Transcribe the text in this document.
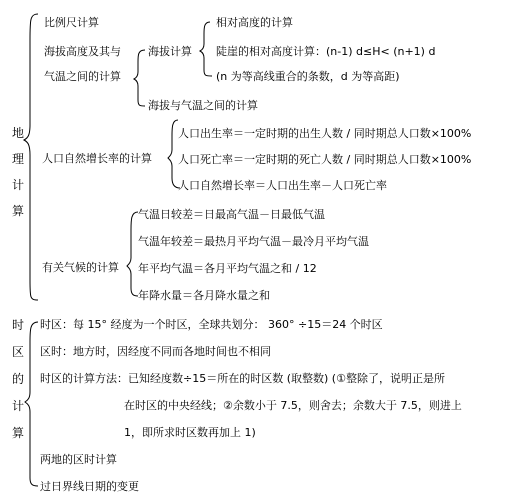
地
理
计
算
比例尺计算
海拔高度及其与
气温之间的计算
海拔计算
相对高度的计算
陡崖的相对高度计算：(n-1) d≤H< (n+1) d
(n 为等高线重合的条数，d 为等高距)
海拔与气温之间的计算
人口自然增长率的计算
人口出生率＝一定时期的出生人数 / 同时期总人口数×100%
人口死亡率＝一定时期的死亡人数 / 同时期总人口数×100%
人口自然增长率＝人口出生率－人口死亡率
有关气候的计算
气温日较差＝日最高气温－日最低气温
气温年较差＝最热月平均气温－最冷月平均气温
年平均气温＝各月平均气温之和 / 12
年降水量＝各月降水量之和
时
区
的
计
算
时区：每 15° 经度为一个时区，全球共划分： 360° ÷15＝24 个时区
区时：地方时，因经度不同而各地时间也不相同
时区的计算方法：已知经度数÷15＝所在的时区数 (取整数) (①整除了，说明正是所
在时区的中央经线；②余数小于 7.5，则舍去；余数大于 7.5，则进上
1，即所求时区数再加上 1)
两地的区时计算
过日界线日期的变更
